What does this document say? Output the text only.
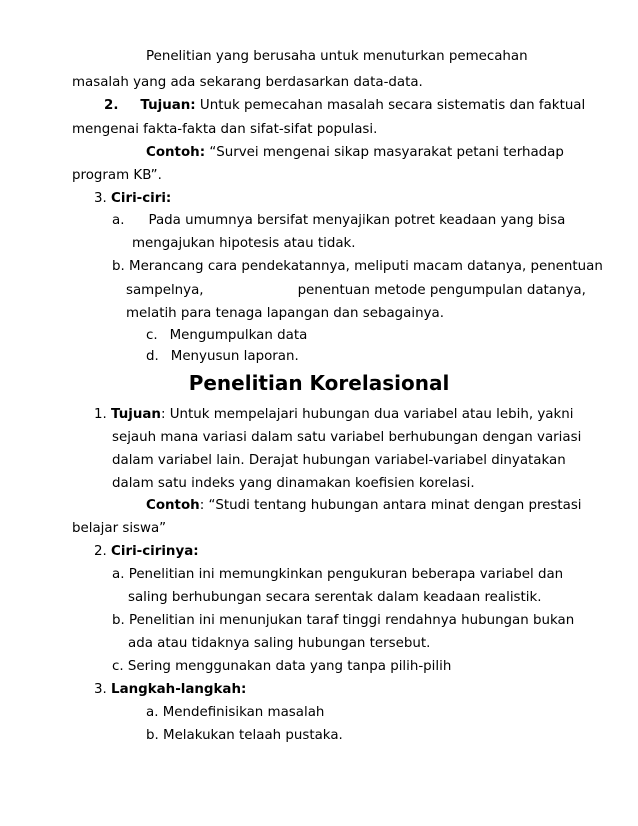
Penelitian yang berusaha untuk menuturkan pemecahan
masalah yang ada sekarang berdasarkan data-data.
2. Tujuan: Untuk pemecahan masalah secara sistematis dan faktual
mengenai fakta-fakta dan sifat-sifat populasi.
Contoh: “Survei mengenai sikap masyarakat petani terhadap
program KB”.
3. Ciri-ciri:
a. Pada umumnya bersifat menyajikan potret keadaan yang bisa
mengajukan hipotesis atau tidak.
b. Merancang cara pendekatannya, meliputi macam datanya, penentuan
sampelnya,	penentuan metode pengumpulan datanya,
melatih para tenaga lapangan dan sebagainya.
c. Mengumpulkan data
d. Menyusun laporan.
Penelitian Korelasional
1. Tujuan: Untuk mempelajari hubungan dua variabel atau lebih, yakni
sejauh mana variasi dalam satu variabel berhubungan dengan variasi
dalam variabel lain. Derajat hubungan variabel-variabel dinyatakan
dalam satu indeks yang dinamakan koefisien korelasi.
Contoh: “Studi tentang hubungan antara minat dengan prestasi
belajar siswa”
2. Ciri-cirinya:
a. Penelitian ini memungkinkan pengukuran beberapa variabel dan
saling berhubungan secara serentak dalam keadaan realistik.
b. Penelitian ini menunjukan taraf tinggi rendahnya hubungan bukan
ada atau tidaknya saling hubungan tersebut.
c. Sering menggunakan data yang tanpa pilih-pilih
3. Langkah-langkah:
a. Mendefinisikan masalah
b. Melakukan telaah pustaka.
